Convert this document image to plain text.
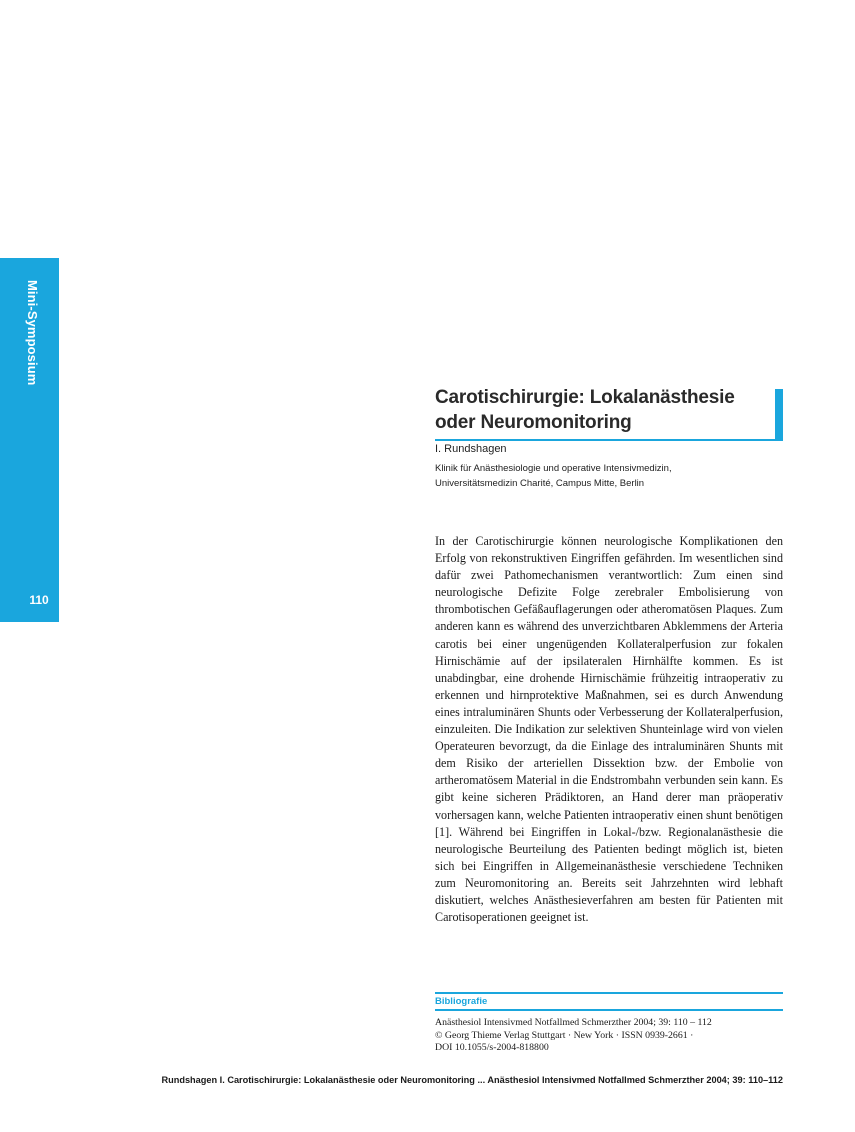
Mini-Symposium
110
Carotischirurgie: Lokalanästhesie
oder Neuromonitoring
I. Rundshagen
Klinik für Anästhesiologie und operative Intensivmedizin,
Universitätsmedizin Charité, Campus Mitte, Berlin

In der Carotischirurgie können neurologische Komplikationen den Erfolg von rekonstruktiven Eingriffen gefährden. Im wesentlichen sind dafür zwei Pathomechanismen verantwortlich: Zum einen sind neurologische Defizite Folge zerebraler Embolisierung von thrombotischen Gefäßauflagerungen oder atheromatösen Plaques. Zum anderen kann es während des unverzichtbaren Abklemmens der Arteria carotis bei einer ungenügenden Kollateralperfusion zur fokalen Hirnischämie auf der ipsilateralen Hirnhälfte kommen. Es ist unabdingbar, eine drohende Hirnischämie frühzeitig intraoperativ zu erkennen und hirnprotektive Maßnahmen, sei es durch Anwendung eines intraluminären Shunts oder Verbesserung der Kollateralperfusion, einzuleiten. Die Indikation zur selektiven Shunteinlage wird von vielen Operateuren bevorzugt, da die Einlage des intraluminären Shunts mit dem Risiko der arteriellen Dissektion bzw. der Embolie von artheromatösem Material in die Endstrombahn verbunden sein kann. Es gibt keine sicheren Prädiktoren, an Hand derer man präoperativ vorhersagen kann, welche Patienten intraoperativ einen shunt benötigen [1]. Während bei Eingriffen in Lokal-/bzw. Regionalanästhesie die neurologische Beurteilung des Patienten bedingt möglich ist, bieten sich bei Eingriffen in Allgemeinanästhesie verschiedene Techniken zum Neuromonitoring an. Bereits seit Jahrzehnten wird lebhaft diskutiert, welches Anästhesieverfahren am besten für Patienten mit Carotisoperationen geeignet ist.

Bibliografie
Anästhesiol Intensivmed Notfallmed Schmerzther 2004; 39: 110 – 112
© Georg Thieme Verlag Stuttgart · New York · ISSN 0939-2661 ·
DOI 10.1055/s-2004-818800
Rundshagen I. Carotischirurgie: Lokalanästhesie oder Neuromonitoring ... Anästhesiol Intensivmed Notfallmed Schmerzther 2004; 39: 110–112
